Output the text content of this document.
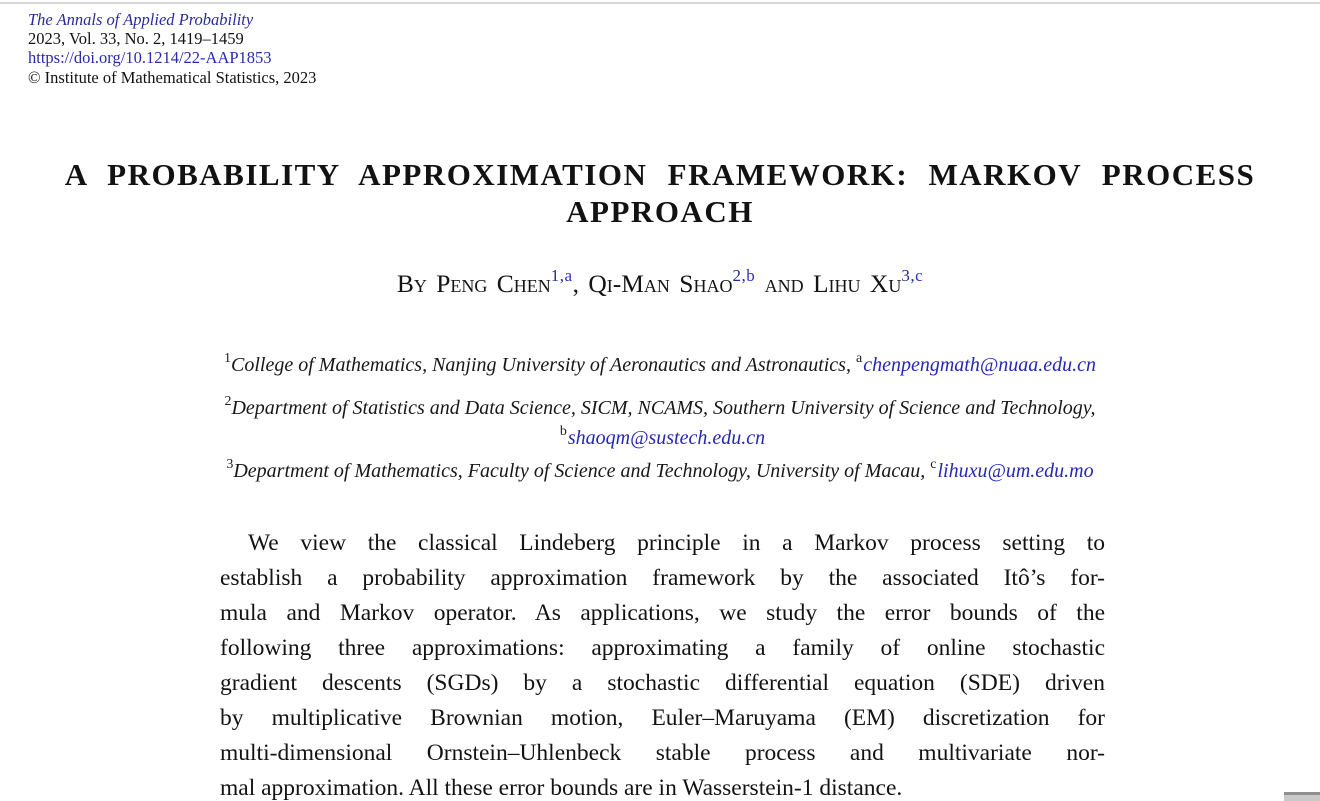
The Annals of Applied Probability
2023, Vol. 33, No. 2, 1419–1459
https://doi.org/10.1214/22-AAP1853
© Institute of Mathematical Statistics, 2023
A PROBABILITY APPROXIMATION FRAMEWORK: MARKOV PROCESS
APPROACH
By Peng Chen$^{1,a}$, Qi-Man Shao$^{2,b}$ and Lihu Xu$^{3,c}$
$^1$College of Mathematics, Nanjing University of Aeronautics and Astronautics, $^a$chenpengmath@nuaa.edu.cn
$^2$Department of Statistics and Data Science, SICM, NCAMS, Southern University of Science and Technology,
$^b$shaoqm@sustech.edu.cn
$^3$Department of Mathematics, Faculty of Science and Technology, University of Macau, $^c$lihuxu@um.edu.mo
We view the classical Lindeberg principle in a Markov process setting to
establish a probability approximation framework by the associated Itô’s for-
mula and Markov operator. As applications, we study the error bounds of the
following three approximations: approximating a family of online stochastic
gradient descents (SGDs) by a stochastic differential equation (SDE) driven
by multiplicative Brownian motion, Euler–Maruyama (EM) discretization for
multi-dimensional Ornstein–Uhlenbeck stable process and multivariate nor-
mal approximation. All these error bounds are in Wasserstein-1 distance.
